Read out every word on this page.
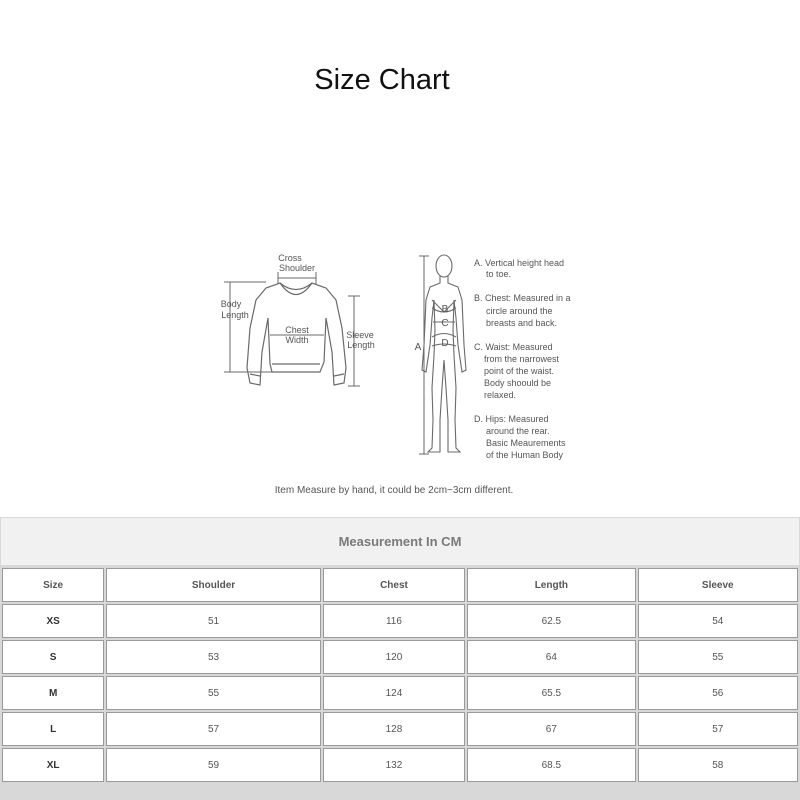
Size Chart
Cross
Shoulder
Body
Length
Chest
Width	Sleeve
Length	A
B
C
D
A. Vertical height head
to toe.
B. Chest: Measured in a
circle around the
breasts and back.
C. Waist: Measured
from the narrowest
point of the waist.
Body shoould be
relaxed.
D. Hips: Measured
around the rear.
Basic Meaurements
of the Human Body
Item Measure by hand, it could be 2cm~3cm different.
Measurement In CM
Size	Shoulder	Chest	Length	Sleeve
XS	51	116	62.5	54
S	53	120	64	55
M	55	124	65.5	56
L	57	128	67	57
XL	59	132	68.5	58
